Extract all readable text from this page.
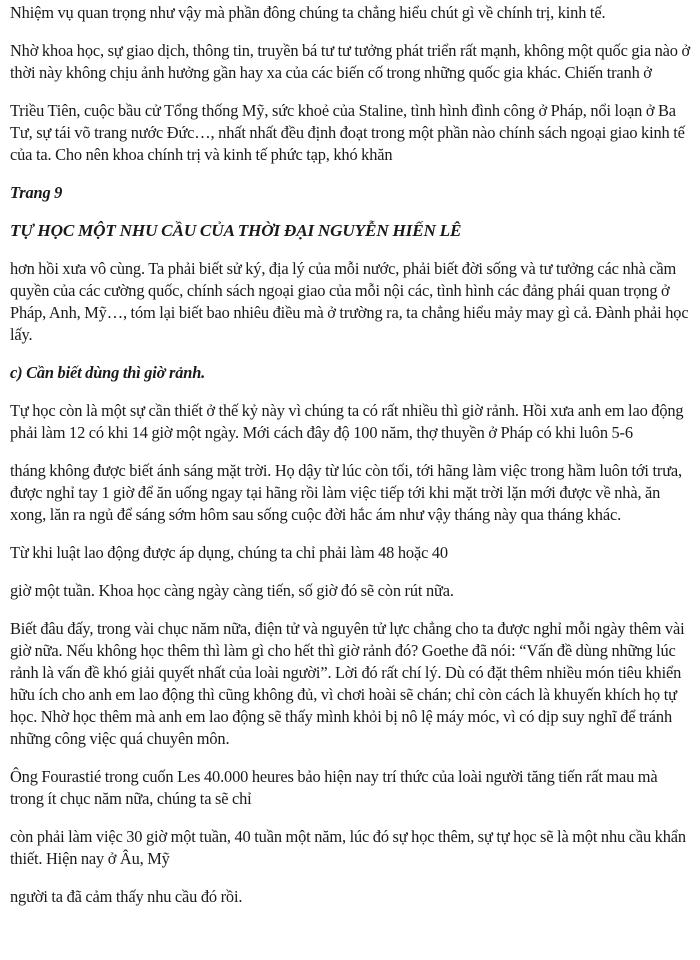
Nhiệm vụ quan trọng như vậy mà phần đông chúng ta chẳng hiểu chút gì về chính trị, kinh tế.

Nhờ khoa học, sự giao dịch, thông tin, truyền bá tư tư tưởng phát triển rất mạnh, không một quốc gia nào ở thời này không chịu ảnh hưởng gần hay xa của các biến cố trong những quốc gia khác. Chiến tranh ở

Triều Tiên, cuộc bầu cử Tổng thống Mỹ, sức khoẻ của Staline, tình hình đình công ở Pháp, nổi loạn ở Ba Tư, sự tái võ trang nước Đức…, nhất nhất đều định đoạt trong một phần nào chính sách ngoại giao kinh tế của ta. Cho nên khoa chính trị và kinh tế phức tạp, khó khăn

Trang 9

TỰ HỌC MỘT NHU CẦU CỦA THỜI ĐẠI NGUYỄN HIẾN LÊ

hơn hồi xưa vô cùng. Ta phải biết sử ký, địa lý của mỗi nước, phải biết đời sống và tư tưởng các nhà cầm quyền của các cường quốc, chính sách ngoại giao của mỗi nội các, tình hình các đảng phái quan trọng ở Pháp, Anh, Mỹ…, tóm lại biết bao nhiêu điều mà ở trường ra, ta chẳng hiểu mảy may gì cả. Đành phải học lấy.

c) Cần biết dùng thì giờ rảnh.

Tự học còn là một sự cần thiết ở thế kỷ này vì chúng ta có rất nhiều thì giờ rảnh. Hồi xưa anh em lao động phải làm 12 có khi 14 giờ một ngày. Mới cách đây độ 100 năm, thợ thuyền ở Pháp có khi luôn 5-6

tháng không được biết ánh sáng mặt trời. Họ dậy từ lúc còn tối, tới hãng làm việc trong hầm luôn tới trưa, được nghỉ tay 1 giờ để ăn uống ngay tại hãng rồi làm việc tiếp tới khi mặt trời lặn mới được về nhà, ăn xong, lăn ra ngủ để sáng sớm hôm sau sống cuộc đời hắc ám như vậy tháng này qua tháng khác.

Từ khi luật lao động được áp dụng, chúng ta chỉ phải làm 48 hoặc 40

giờ một tuần. Khoa học càng ngày càng tiến, số giờ đó sẽ còn rút nữa.

Biết đâu đấy, trong vài chục năm nữa, điện tử và nguyên tử lực chẳng cho ta được nghỉ mỗi ngày thêm vài giờ nữa. Nếu không học thêm thì làm gì cho hết thì giờ rảnh đó? Goethe đã nói: “Vấn đề dùng những lúc rảnh là vấn đề khó giải quyết nhất của loài người”. Lời đó rất chí lý. Dù có đặt thêm nhiều món tiêu khiển hữu ích cho anh em lao động thì cũng không đủ, vì chơi hoài sẽ chán; chỉ còn cách là khuyến khích họ tự học. Nhờ học thêm mà anh em lao động sẽ thấy mình khỏi bị nô lệ máy móc, vì có dịp suy nghĩ để tránh những công việc quá chuyên môn.

Ông Fourastié trong cuốn Les 40.000 heures bảo hiện nay trí thức của loài người tăng tiến rất mau mà trong ít chục năm nữa, chúng ta sẽ chỉ

còn phải làm việc 30 giờ một tuần, 40 tuần một năm, lúc đó sự học thêm, sự tự học sẽ là một nhu cầu khẩn thiết. Hiện nay ở Âu, Mỹ

người ta đã cảm thấy nhu cầu đó rồi.
